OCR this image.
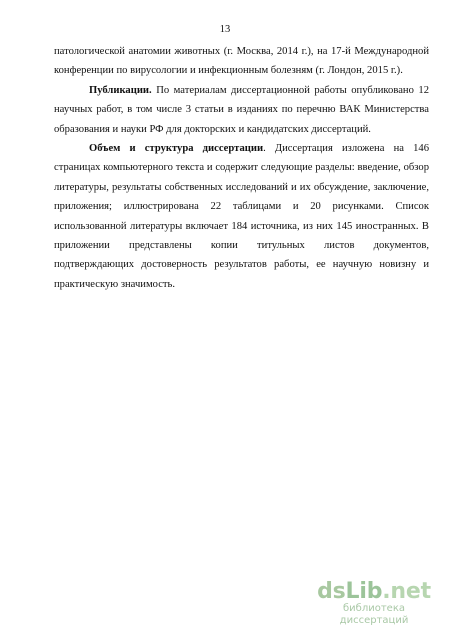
13

патологической анатомии животных (г. Москва, 2014 г.), на 17-й Международной конференции по вирусологии и инфекционным болезням (г. Лондон, 2015 г.).

Публикации. По материалам диссертационной работы опубликовано 12 научных работ, в том числе 3 статьи в изданиях по перечню ВАК Министерства образования и науки РФ для докторских и кандидатских диссертаций.

Объем и структура диссертации. Диссертация изложена на 146 страницах компьютерного текста и содержит следующие разделы: введение, обзор литературы, результаты собственных исследований и их обсуждение, заключение, приложения; иллюстрирована 22 таблицами и 20 рисунками. Список использованной литературы включает 184 источника, из них 145 иностранных. В приложении представлены копии титульных листов документов, подтверждающих достоверность результатов работы, ее научную новизну и практическую значимость.

dsLib.net
библиотека диссертаций
